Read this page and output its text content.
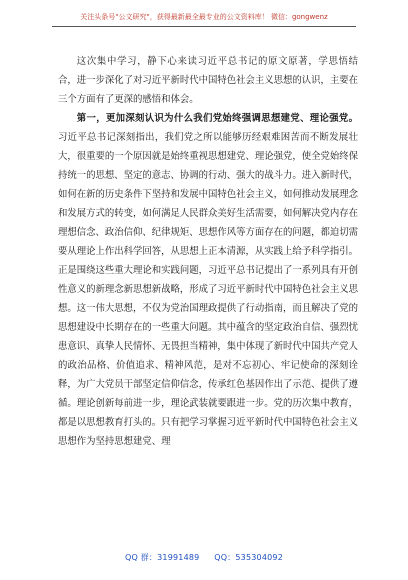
关注头条号"公文研究"，获得最新最全最专业的公文资料库！ 微信：gongwenz

这次集中学习，静下心来读习近平总书记的原文原著，学思悟结合，进一步深化了对习近平新时代中国特色社会主义思想的认识，主要在三个方面有了更深的感悟和体会。

第一，更加深刻认识为什么我们党始终强调思想建党、理论强党。习近平总书记深刻指出，我们党之所以能够历经艰难困苦而不断发展壮大，很重要的一个原因就是始终重视思想建党、理论强党，使全党始终保持统一的思想、坚定的意志、协调的行动、强大的战斗力。进入新时代，如何在新的历史条件下坚持和发展中国特色社会主义，如何推动发展理念和发展方式的转变，如何满足人民群众美好生活需要，如何解决党内存在理想信念、政治信仰、纪律规矩、思想作风等方面存在的问题，都迫切需要从理论上作出科学回答，从思想上正本清源，从实践上给予科学指引。正是围绕这些重大理论和实践问题，习近平总书记提出了一系列具有开创性意义的新理念新思想新战略，形成了习近平新时代中国特色社会主义思想。这一伟大思想，不仅为党治国理政提供了行动指南，而且解决了党的思想建设中长期存在的一些重大问题。其中蕴含的坚定政治自信、强烈忧患意识、真挚人民情怀、无畏担当精神，集中体现了新时代中国共产党人的政治品格、价值追求、精神风范，是对不忘初心、牢记使命的深刻诠释，为广大党员干部坚定信仰信念，传承红色基因作出了示范、提供了遵循。理论创新每前进一步，理论武装就要跟进一步。党的历次集中教育，都是以思想教育打头的。只有把学习掌握习近平新时代中国特色社会主义思想作为坚持思想建党、理

QQ 群：31991489 QQ：535304092
